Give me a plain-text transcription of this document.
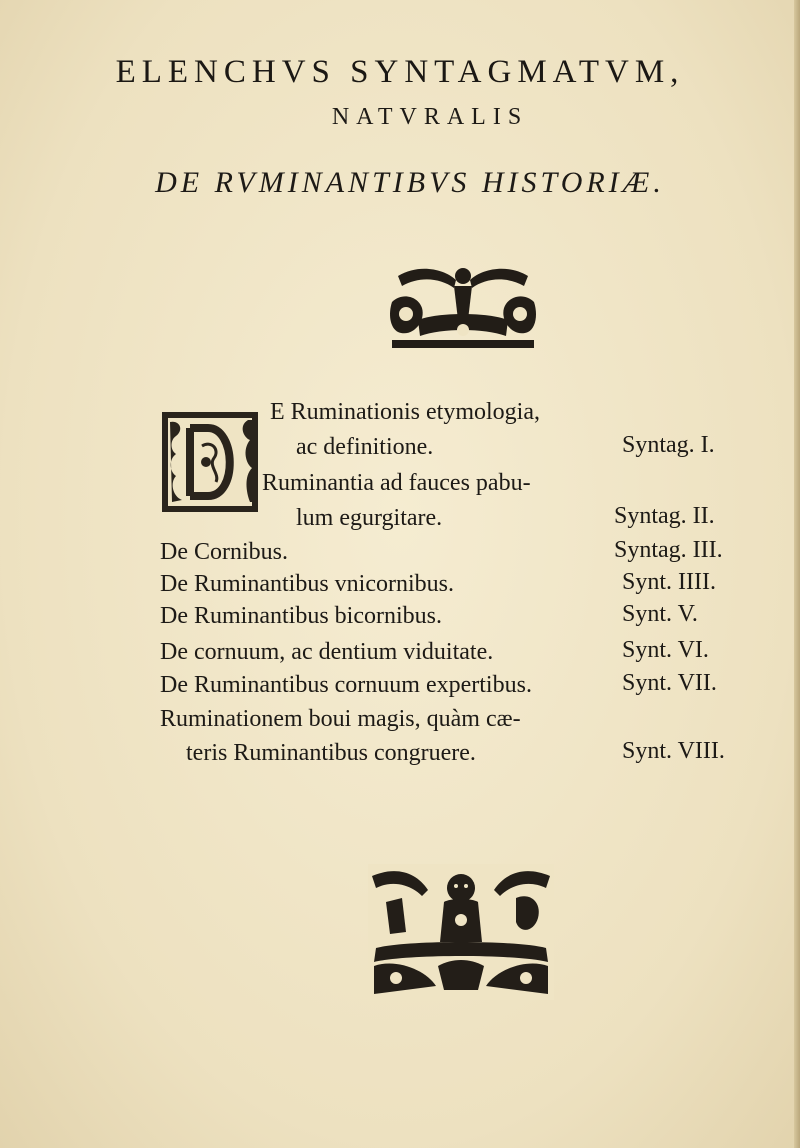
ELENCHVS SYNTAGMATVM,
NATVRALIS
DE RVMINANTIBVS HISTORIÆ.
E Ruminationis etymologia,
ac definitione.	Syntag. I.
Ruminantia ad fauces pabu-
lum egurgitare.	Syntag. II.
De Cornibus.	Syntag. III.
De Ruminantibus vnicornibus.	Synt. IIII.
De Ruminantibus bicornibus.	Synt. V.
De cornuum, ac dentium viduitate.	Synt. VI.
De Ruminantibus cornuum expertibus.	Synt. VII.
Ruminationem boui magis, quàm cæ-
teris Ruminantibus congruere.	Synt. VIII.
